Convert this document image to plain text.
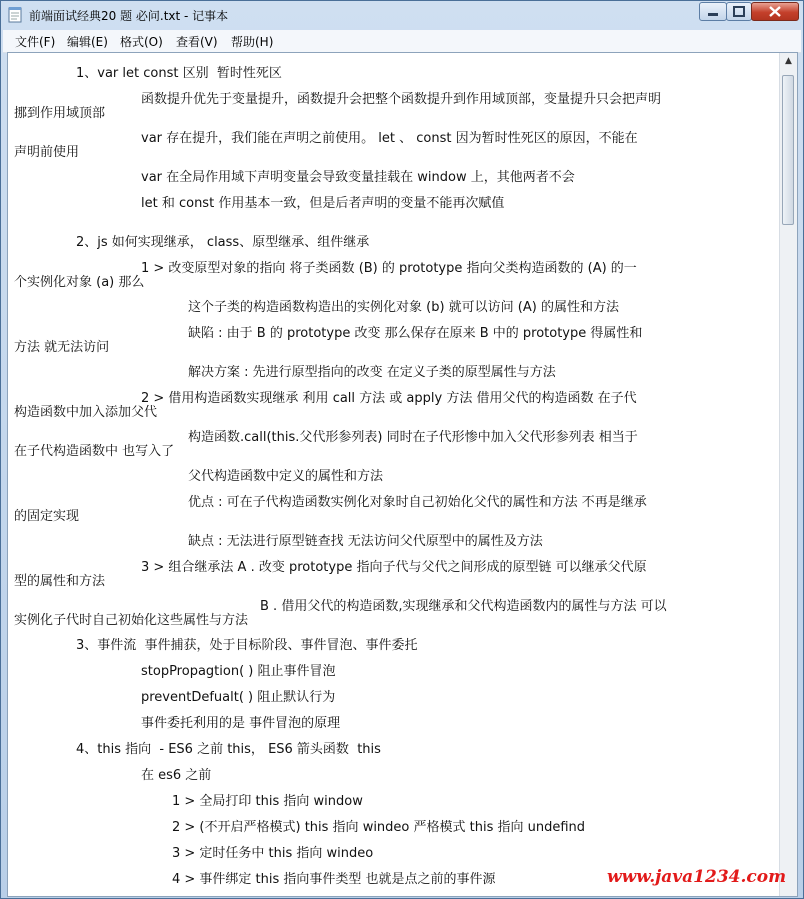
前端面试经典20 题 必问.txt - 记事本
文件(F) 编辑(E) 格式(O) 查看(V) 帮助(H)
1、var let const 区别  暂时性死区
函数提升优先于变量提升，函数提升会把整个函数提升到作用域顶部，变量提升只会把声明
挪到作用域顶部
var 存在提升，我们能在声明之前使用。 let 、 const 因为暂时性死区的原因，不能在
声明前使用
var 在全局作用域下声明变量会导致变量挂载在 window 上，其他两者不会
let 和 const 作用基本一致，但是后者声明的变量不能再次赋值
2、js 如何实现继承， class、原型继承、组件继承
1 > 改变原型对象的指向 将子类函数 (B) 的 prototype 指向父类构造函数的 (A) 的一
个实例化对象 (a) 那么
这个子类的构造函数构造出的实例化对象 (b) 就可以访问 (A) 的属性和方法
缺陷 : 由于 B 的 prototype 改变 那么保存在原来 B 中的 prototype 得属性和
方法 就无法访问
解决方案 : 先进行原型指向的改变 在定义子类的原型属性与方法
2 > 借用构造函数实现继承 利用 call 方法 或 apply 方法 借用父代的构造函数 在子代
构造函数中加入添加父代
构造函数.call(this.父代形参列表) 同时在子代形惨中加入父代形参列表 相当于
在子代构造函数中 也写入了
父代构造函数中定义的属性和方法
优点 : 可在子代构造函数实例化对象时自己初始化父代的属性和方法 不再是继承
的固定实现
缺点 : 无法进行原型链查找 无法访问父代原型中的属性及方法
3 > 组合继承法 A . 改变 prototype 指向子代与父代之间形成的原型链 可以继承父代原
型的属性和方法
B . 借用父代的构造函数,实现继承和父代构造函数内的属性与方法 可以
实例化子代时自己初始化这些属性与方法
3、事件流  事件捕获，处于目标阶段、事件冒泡、事件委托
stopPropagtion( ) 阻止事件冒泡
preventDefualt( ) 阻止默认行为
事件委托利用的是 事件冒泡的原理
4、this 指向  - ES6 之前 this， ES6 箭头函数  this
在 es6 之前
1 > 全局打印 this 指向 window
2 > (不开启严格模式) this 指向 windeo 严格模式 this 指向 undefind
3 > 定时任务中 this 指向 windeo
4 > 事件绑定 this 指向事件类型 也就是点之前的事件源
▲
www.java1234.com
